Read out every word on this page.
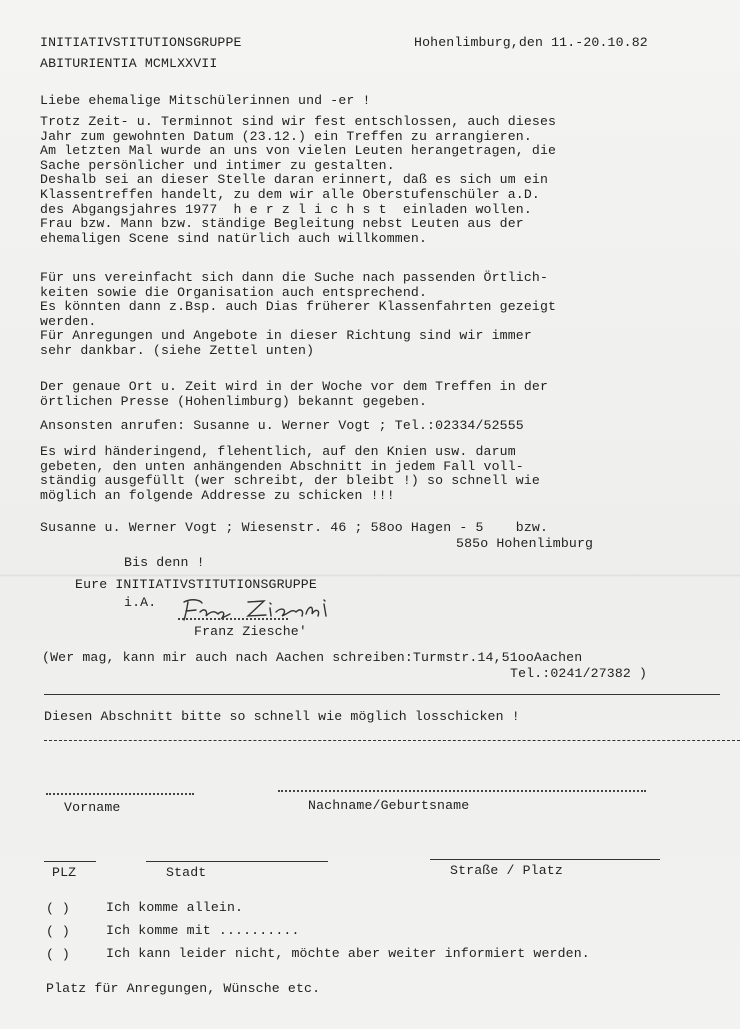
INITIATIVSTITUTIONSGRUPPE
ABITURIENTIA MCMLXXVII
Hohenlimburg,den 11.-20.10.82
Liebe ehemalige Mitschülerinnen und -er !
Trotz Zeit- u. Terminnot sind wir fest entschlossen, auch dieses
Jahr zum gewohnten Datum (23.12.) ein Treffen zu arrangieren.
Am letzten Mal wurde an uns von vielen Leuten herangetragen, die
Sache persönlicher und intimer zu gestalten.
Deshalb sei an dieser Stelle daran erinnert, daß es sich um ein
Klassentreffen handelt, zu dem wir alle Oberstufenschüler a.D.
des Abgangsjahres 1977  h e r z l i c h s t  einladen wollen.
Frau bzw. Mann bzw. ständige Begleitung nebst Leuten aus der
ehemaligen Scene sind natürlich auch willkommen.
Für uns vereinfacht sich dann die Suche nach passenden Örtlich-
keiten sowie die Organisation auch entsprechend.
Es könnten dann z.Bsp. auch Dias früherer Klassenfahrten gezeigt
werden.
Für Anregungen und Angebote in dieser Richtung sind wir immer
sehr dankbar. (siehe Zettel unten)
Der genaue Ort u. Zeit wird in der Woche vor dem Treffen in der
örtlichen Presse (Hohenlimburg) bekannt gegeben.
Ansonsten anrufen: Susanne u. Werner Vogt ; Tel.:02334/52555
Es wird händeringend, flehentlich, auf den Knien usw. darum
gebeten, den unten anhängenden Abschnitt in jedem Fall voll-
ständig ausgefüllt (wer schreibt, der bleibt !) so schnell wie
möglich an folgende Addresse zu schicken !!!
Susanne u. Werner Vogt ; Wiesenstr. 46 ; 58oo Hagen - 5    bzw.
585o Hohenlimburg
Bis denn !
Eure INITIATIVSTITUTIONSGRUPPE
i.A.
Franz Ziesche'
(Wer mag, kann mir auch nach Aachen schreiben:Turmstr.14,51ooAachen
Tel.:0241/27382 )
Diesen Abschnitt bitte so schnell wie möglich losschicken !
Vorname	Nachname/Geburtsname
PLZ	Stadt	Straße / Platz
( )	Ich komme allein.
( )	Ich komme mit ..........
( )	Ich kann leider nicht, möchte aber weiter informiert werden.
Platz für Anregungen, Wünsche etc.
